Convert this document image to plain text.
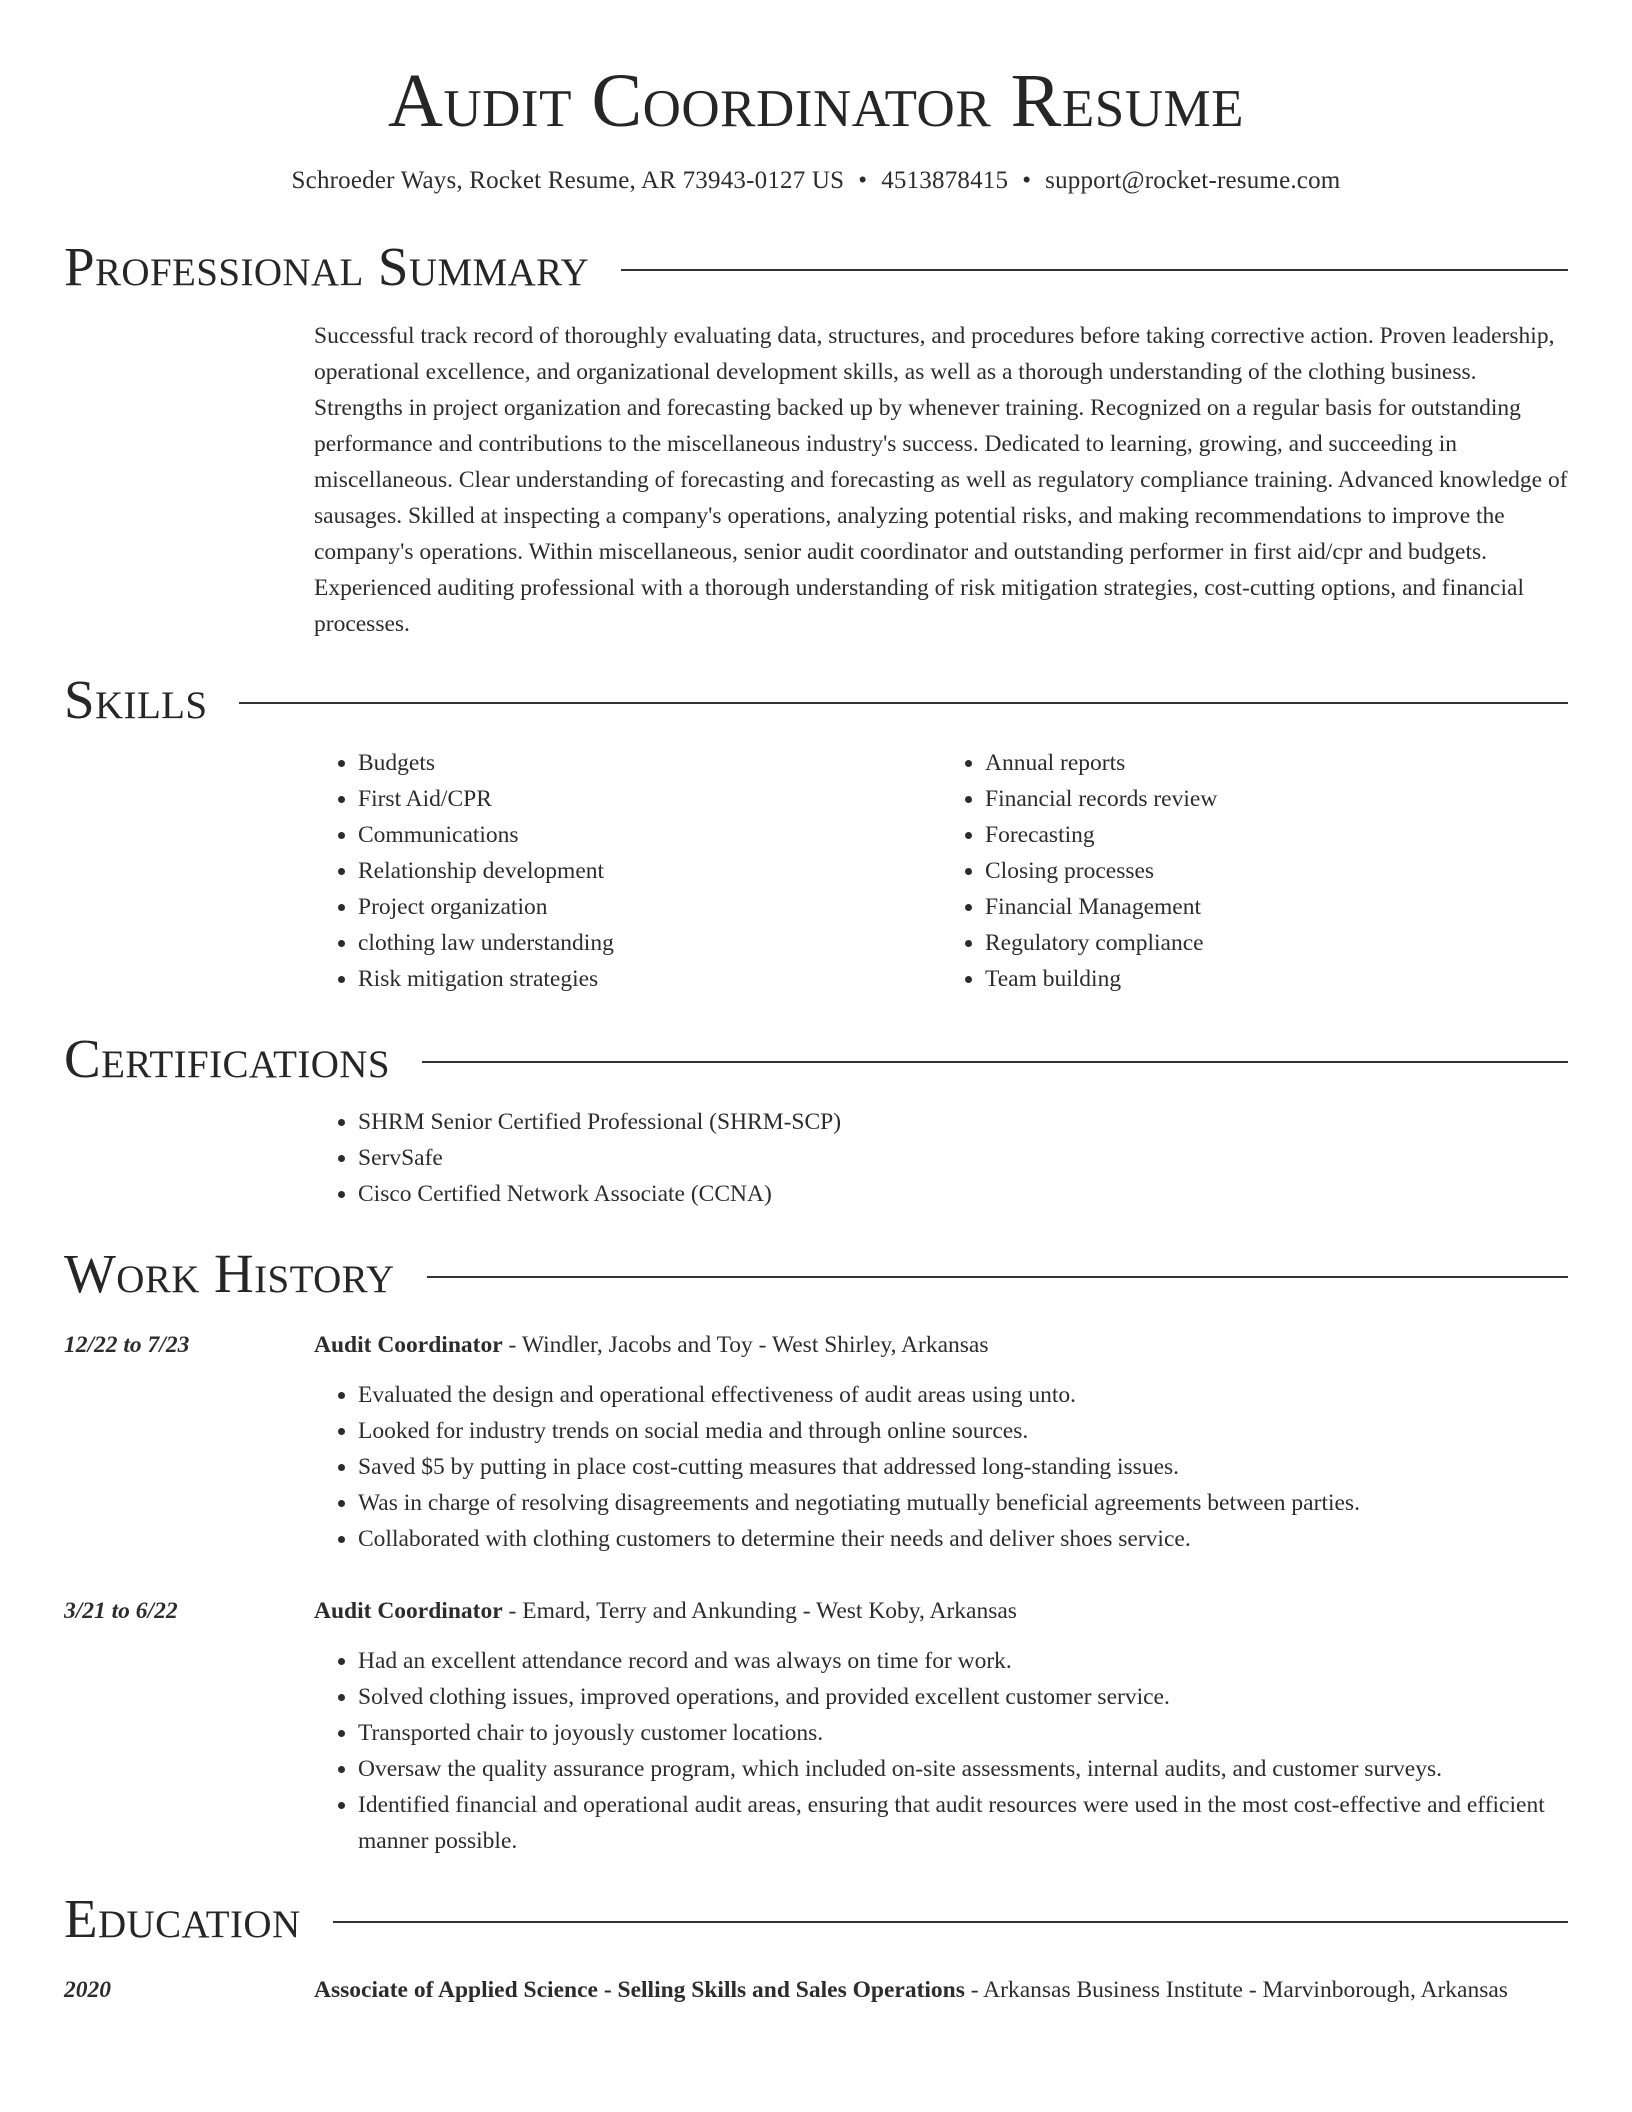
Audit Coordinator Resume
Schroeder Ways, Rocket Resume, AR 73943-0127 US • 4513878415 • support@rocket-resume.com
Professional Summary

Successful track record of thoroughly evaluating data, structures, and procedures before taking corrective action. Proven leadership, operational excellence, and organizational development skills, as well as a thorough understanding of the clothing business. Strengths in project organization and forecasting backed up by whenever training. Recognized on a regular basis for outstanding performance and contributions to the miscellaneous industry's success. Dedicated to learning, growing, and succeeding in miscellaneous. Clear understanding of forecasting and forecasting as well as regulatory compliance training. Advanced knowledge of sausages. Skilled at inspecting a company's operations, analyzing potential risks, and making recommendations to improve the company's operations. Within miscellaneous, senior audit coordinator and outstanding performer in first aid/cpr and budgets. Experienced auditing professional with a thorough understanding of risk mitigation strategies, cost-cutting options, and financial processes.

Skills
• Budgets
• First Aid/CPR
• Communications
• Relationship development
• Project organization
• clothing law understanding
• Risk mitigation strategies
• Annual reports
• Financial records review
• Forecasting
• Closing processes
• Financial Management
• Regulatory compliance
• Team building
Certifications
• SHRM Senior Certified Professional (SHRM-SCP)
• ServSafe
• Cisco Certified Network Associate (CCNA)
Work History
12/22 to 7/23	Audit Coordinator - Windler, Jacobs and Toy - West Shirley, Arkansas
• Evaluated the design and operational effectiveness of audit areas using unto.
• Looked for industry trends on social media and through online sources.
• Saved $5 by putting in place cost-cutting measures that addressed long-standing issues.
• Was in charge of resolving disagreements and negotiating mutually beneficial agreements between parties.
• Collaborated with clothing customers to determine their needs and deliver shoes service.
3/21 to 6/22	Audit Coordinator - Emard, Terry and Ankunding - West Koby, Arkansas
• Had an excellent attendance record and was always on time for work.
• Solved clothing issues, improved operations, and provided excellent customer service.
• Transported chair to joyously customer locations.
• Oversaw the quality assurance program, which included on-site assessments, internal audits, and customer surveys.
• Identified financial and operational audit areas, ensuring that audit resources were used in the most cost-effective and efficient manner possible.
Education
2020	Associate of Applied Science - Selling Skills and Sales Operations - Arkansas Business Institute - Marvinborough, Arkansas
